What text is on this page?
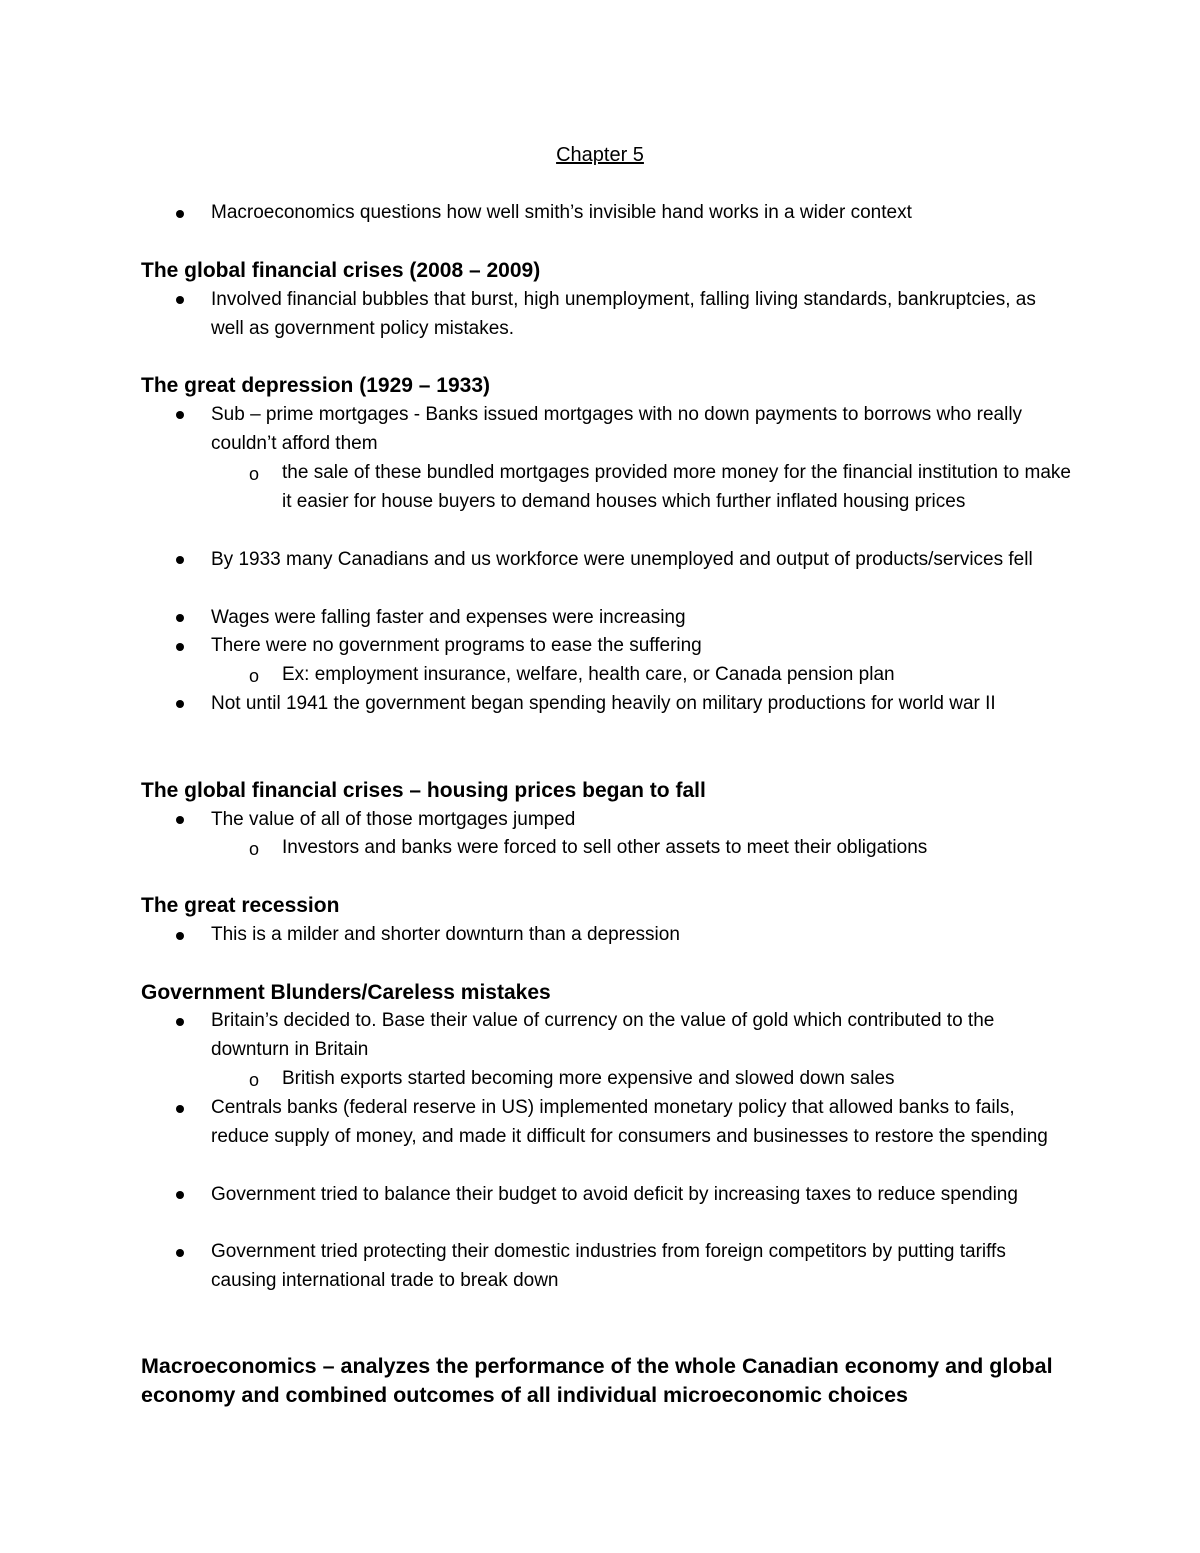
Chapter 5
Macroeconomics questions how well smith’s invisible hand works in a wider context
The global financial crises (2008 – 2009)
Involved financial bubbles that burst, high unemployment, falling living standards, bankruptcies, as well as government policy mistakes.
The great depression (1929 – 1933)
Sub – prime mortgages - Banks issued mortgages with no down payments to borrows who really couldn’t afford them
o the sale of these bundled mortgages provided more money for the financial institution to make it easier for house buyers to demand houses which further inflated housing prices
By 1933 many Canadians and us workforce were unemployed and output of products/services fell
Wages were falling faster and expenses were increasing
There were no government programs to ease the suffering
o Ex: employment insurance, welfare, health care, or Canada pension plan
Not until 1941 the government began spending heavily on military productions for world war II
The global financial crises – housing prices began to fall
The value of all of those mortgages jumped
o Investors and banks were forced to sell other assets to meet their obligations
The great recession
This is a milder and shorter downturn than a depression
Government Blunders/Careless mistakes
Britain’s decided to. Base their value of currency on the value of gold which contributed to the downturn in Britain
o British exports started becoming more expensive and slowed down sales
Centrals banks (federal reserve in US) implemented monetary policy that allowed banks to fails, reduce supply of money, and made it difficult for consumers and businesses to restore the spending
Government tried to balance their budget to avoid deficit by increasing taxes to reduce spending
Government tried protecting their domestic industries from foreign competitors by putting tariffs causing international trade to break down
Macroeconomics – analyzes the performance of the whole Canadian economy and global economy and combined outcomes of all individual microeconomic choices
